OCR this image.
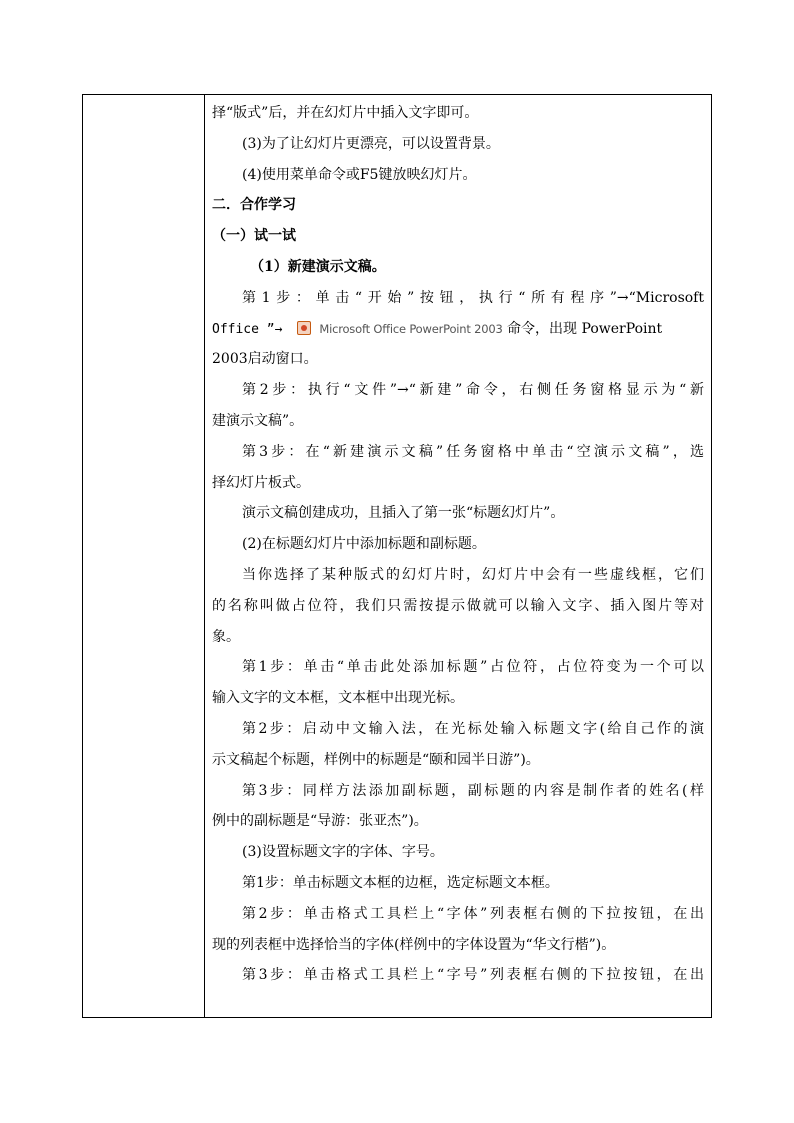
择“版式”后，并在幻灯片中插入文字即可。
(3)为了让幻灯片更漂亮，可以设置背景。
(4)使用菜单命令或F5键放映幻灯片。
二．合作学习
（一）试一试
（1）新建演示文稿。
第1步：单击“开始”按钮，执行“所有程序”→“Microsoft
Office ”→	Microsoft Office PowerPoint 2003 命令，出现 PowerPoint
2003启动窗口。
第2步：执行“文件”→“新建”命令，右侧任务窗格显示为“新
建演示文稿”。
第3步：在“新建演示文稿”任务窗格中单击“空演示文稿”，选
择幻灯片板式。
演示文稿创建成功，且插入了第一张“标题幻灯片”。
(2)在标题幻灯片中添加标题和副标题。
当你选择了某种版式的幻灯片时，幻灯片中会有一些虚线框，它们
的名称叫做占位符，我们只需按提示做就可以输入文字、插入图片等对
象。
第1步：单击“单击此处添加标题”占位符，占位符变为一个可以
输入文字的文本框，文本框中出现光标。
第2步：启动中文输入法，在光标处输入标题文字(给自己作的演
示文稿起个标题，样例中的标题是“颐和园半日游”)。
第3步：同样方法添加副标题，副标题的内容是制作者的姓名(样
例中的副标题是“导游：张亚杰”)。
(3)设置标题文字的字体、字号。
第1步：单击标题文本框的边框，选定标题文本框。
第2步：单击格式工具栏上“字体”列表框右侧的下拉按钮，在出
现的列表框中选择恰当的字体(样例中的字体设置为“华文行楷”)。
第3步：单击格式工具栏上“字号”列表框右侧的下拉按钮，在出
